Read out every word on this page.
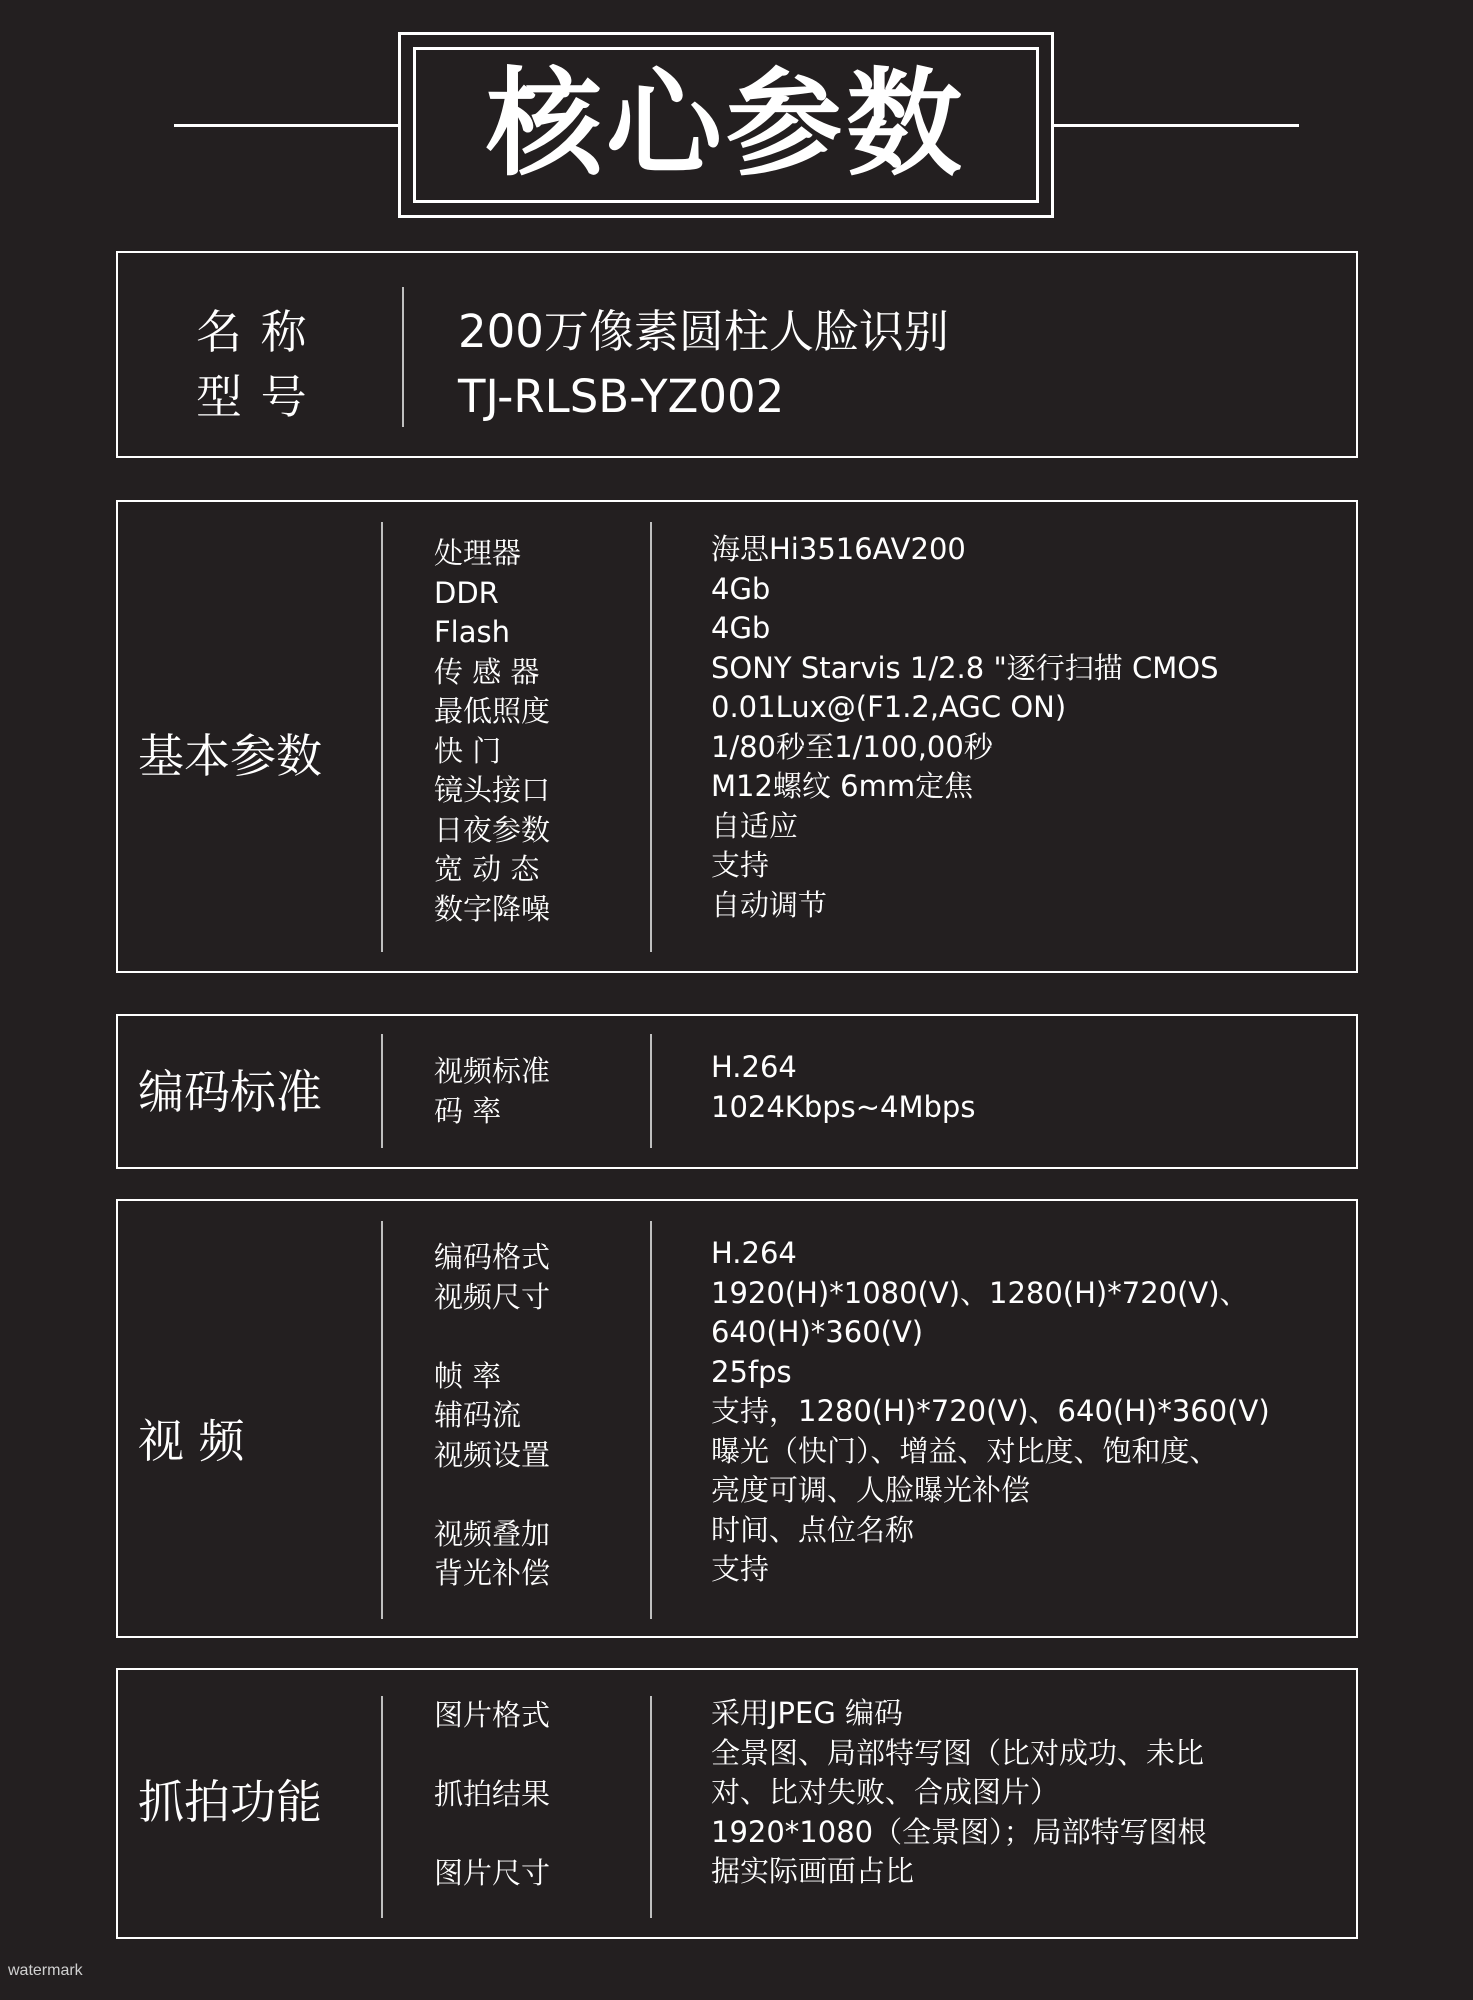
核心参数
名 称
型 号
200万像素圆柱人脸识别
TJ-RLSB-YZ002
基本参数
处理器
DDR
Flash
传 感 器
最低照度
快 门
镜头接口
日夜参数
宽 动 态
数字降噪
海思Hi3516AV200
4Gb
4Gb
SONY Starvis 1/2.8 "逐行扫描 CMOS
0.01Lux@(F1.2,AGC ON)
1/80秒至1/100,00秒
M12螺纹 6mm定焦
自适应
支持
自动调节
编码标准	视频标准
码 率
H.264
1024Kbps~4Mbps
视 频
编码格式
视频尺寸

帧 率
辅码流
视频设置

视频叠加
背光补偿
H.264
1920(H)*1080(V)、1280(H)*720(V)、
640(H)*360(V)
25fps
支持，1280(H)*720(V)、640(H)*360(V)
曝光（快门）、增益、对比度、饱和度、
亮度可调、人脸曝光补偿
时间、点位名称
支持
抓拍功能
图片格式

抓拍结果

图片尺寸
采用JPEG 编码
全景图、局部特写图（比对成功、未比
对、比对失败、合成图片）
1920*1080（全景图）；局部特写图根
据实际画面占比
watermark
